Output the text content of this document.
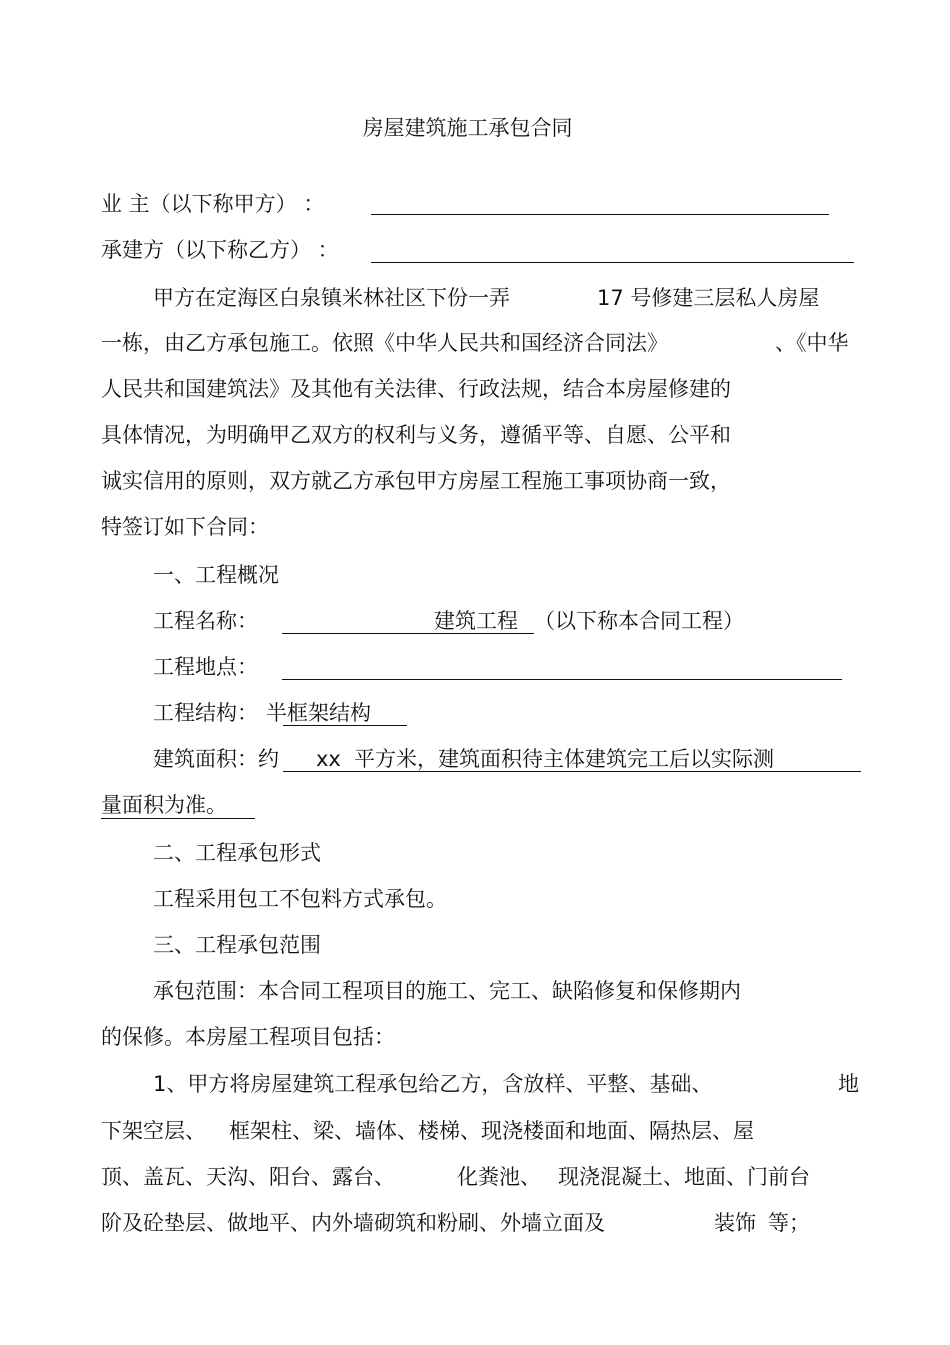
房屋建筑施工承包合同
业 主（以下称甲方） ：
承建方（以下称乙方） ：
甲方在定海区白泉镇米林社区下份一弄	17 号修建三层私人房屋
一栋，由乙方承包施工。依照《中华人民共和国经济合同法》	、《中华
人民共和国建筑法》及其他有关法律、行政法规，结合本房屋修建的
具体情况，为明确甲乙双方的权利与义务，遵循平等、自愿、公平和
诚实信用的原则，双方就乙方承包甲方房屋工程施工事项协商一致，
特签订如下合同：
一、工程概况
工程名称：	建筑工程 （以下称本合同工程）
工程地点：
工程结构： 半框架结构
建筑面积：约 xx 平方米，建筑面积待主体建筑完工后以实际测
量面积为准。
二、工程承包形式
工程采用包工不包料方式承包。
三、工程承包范围
承包范围：本合同工程项目的施工、完工、缺陷修复和保修期内
的保修。本房屋工程项目包括：
1、甲方将房屋建筑工程承包给乙方，含放样、平整、基础、	地
下架空层、 框架柱、梁、墙体、楼梯、现浇楼面和地面、隔热层、屋
顶、盖瓦、天沟、阳台、露台、	化粪池、 现浇混凝土、地面、门前台
阶及砼垫层、做地平、内外墙砌筑和粉刷、外墙立面及	装饰 等；
